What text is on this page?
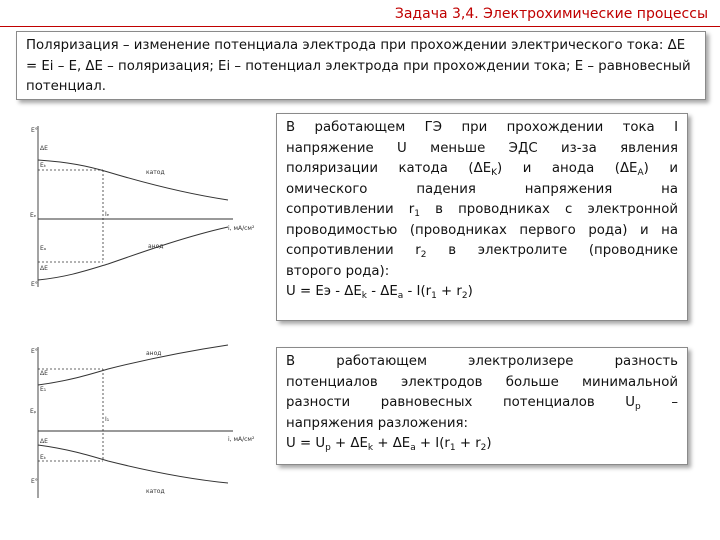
Задача 3,4. Электрохимические процессы
Поляризация – изменение потенциала электрода при прохождении электрического тока: ΔЕ = Еi – Е, ΔЕ – поляризация; Еi – потенциал электрода при прохождении тока; Е – равновесный потенциал.
E°
ΔE
Eₖ
катод
Eₑ	Iₑ
i, мА/см²
анод
Eₐ
ΔE
E°
E°	анод
ΔE
E₁
Eₚ
I₁
i, мА/см²
ΔE
Eₖ
E°
катод
В работающем ГЭ при прохождении тока I
напряжение U меньше ЭДС из-за явления
поляризации катода $(\Delta E_K)$ и анода $(\Delta E_A)$ и
омического падения напряжения на
сопротивлении $r_1$ в проводниках с электронной
проводимостью (проводниках первого рода) и на
сопротивлении $r_2$ в электролите (проводнике
второго рода):
U = Еэ - $\Delta Е_k - \Delta Е_a - I(r_1 + r_2)$
В работающем электролизере разность
потенциалов электродов больше минимальной
разности равновесных потенциалов $U_p$ –
напряжения разложения:
$U = U_p + \Delta Е_k + \Delta Е_a + I(r_1 + r_2)$
